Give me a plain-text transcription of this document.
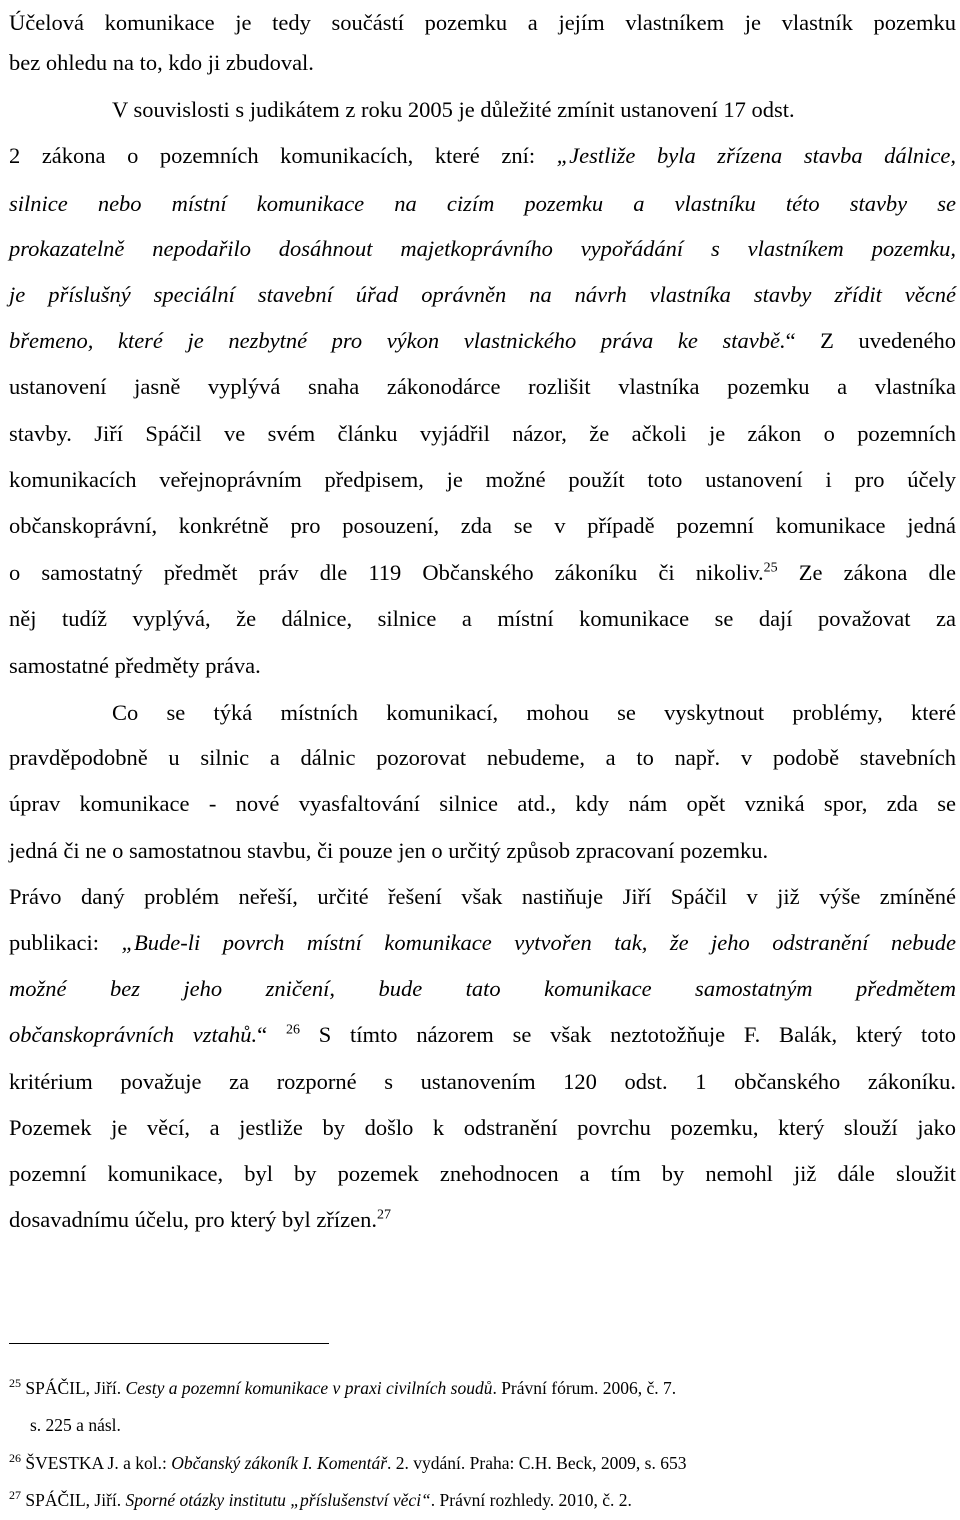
Účelová komunikace je tedy součástí pozemku a jejím vlastníkem je vlastník pozemku
bez ohledu na to, kdo ji zbudoval.
V souvislosti s judikátem z roku 2005 je důležité zmínit ustanovení 17 odst.
2 zákona o pozemních komunikacích, které zní: „Jestliže byla zřízena stavba dálnice,
silnice nebo místní komunikace na cizím pozemku a vlastníku této stavby se
prokazatelně nepodařilo dosáhnout majetkoprávního vypořádání s vlastníkem pozemku,
je příslušný speciální stavební úřad oprávněn na návrh vlastníka stavby zřídit věcné
břemeno, které je nezbytné pro výkon vlastnického práva ke stavbě.“ Z uvedeného
ustanovení jasně vyplývá snaha zákonodárce rozlišit vlastníka pozemku a vlastníka
stavby. Jiří Spáčil ve svém článku vyjádřil názor, že ačkoli je zákon o pozemních
komunikacích veřejnoprávním předpisem, je možné použít toto ustanovení i pro účely
občanskoprávní, konkrétně pro posouzení, zda se v případě pozemní komunikace jedná
o samostatný předmět práv dle 119 Občanského zákoníku či nikoliv.$^{25}$ Ze zákona dle
něj tudíž vyplývá, že dálnice, silnice a místní komunikace se dají považovat za
samostatné předměty práva.
Co se týká místních komunikací, mohou se vyskytnout problémy, které
pravděpodobně u silnic a dálnic pozorovat nebudeme, a to např. v podobě stavebních
úprav komunikace - nové vyasfaltování silnice atd., kdy nám opět vzniká spor, zda se
jedná či ne o samostatnou stavbu, či pouze jen o určitý způsob zpracovaní pozemku.
Právo daný problém neřeší, určité řešení však nastiňuje Jiří Spáčil v již výše zmíněné
publikaci: „Bude-li povrch místní komunikace vytvořen tak, že jeho odstranění nebude
možné bez jeho zničení, bude tato komunikace samostatným předmětem
občanskoprávních vztahů.“ $^{26}$ S tímto názorem se však neztotožňuje F. Balák, který toto
kritérium považuje za rozporné s ustanovením 120 odst. 1 občanského zákoníku.
Pozemek je věcí, a jestliže by došlo k odstranění povrchu pozemku, který slouží jako
pozemní komunikace, byl by pozemek znehodnocen a tím by nemohl již dále sloužit
dosavadnímu účelu, pro který byl zřízen.$^{27}$
$^{25}$ SPÁČIL, Jiří. Cesty a pozemní komunikace v praxi civilních soudů. Právní fórum. 2006, č. 7.
s. 225 a násl.
$^{26}$ ŠVESTKA J. a kol.: Občanský zákoník I. Komentář. 2. vydání. Praha: C.H. Beck, 2009, s. 653
$^{27}$ SPÁČIL, Jiří. Sporné otázky institutu „příslušenství věci“. Právní rozhledy. 2010, č. 2.
